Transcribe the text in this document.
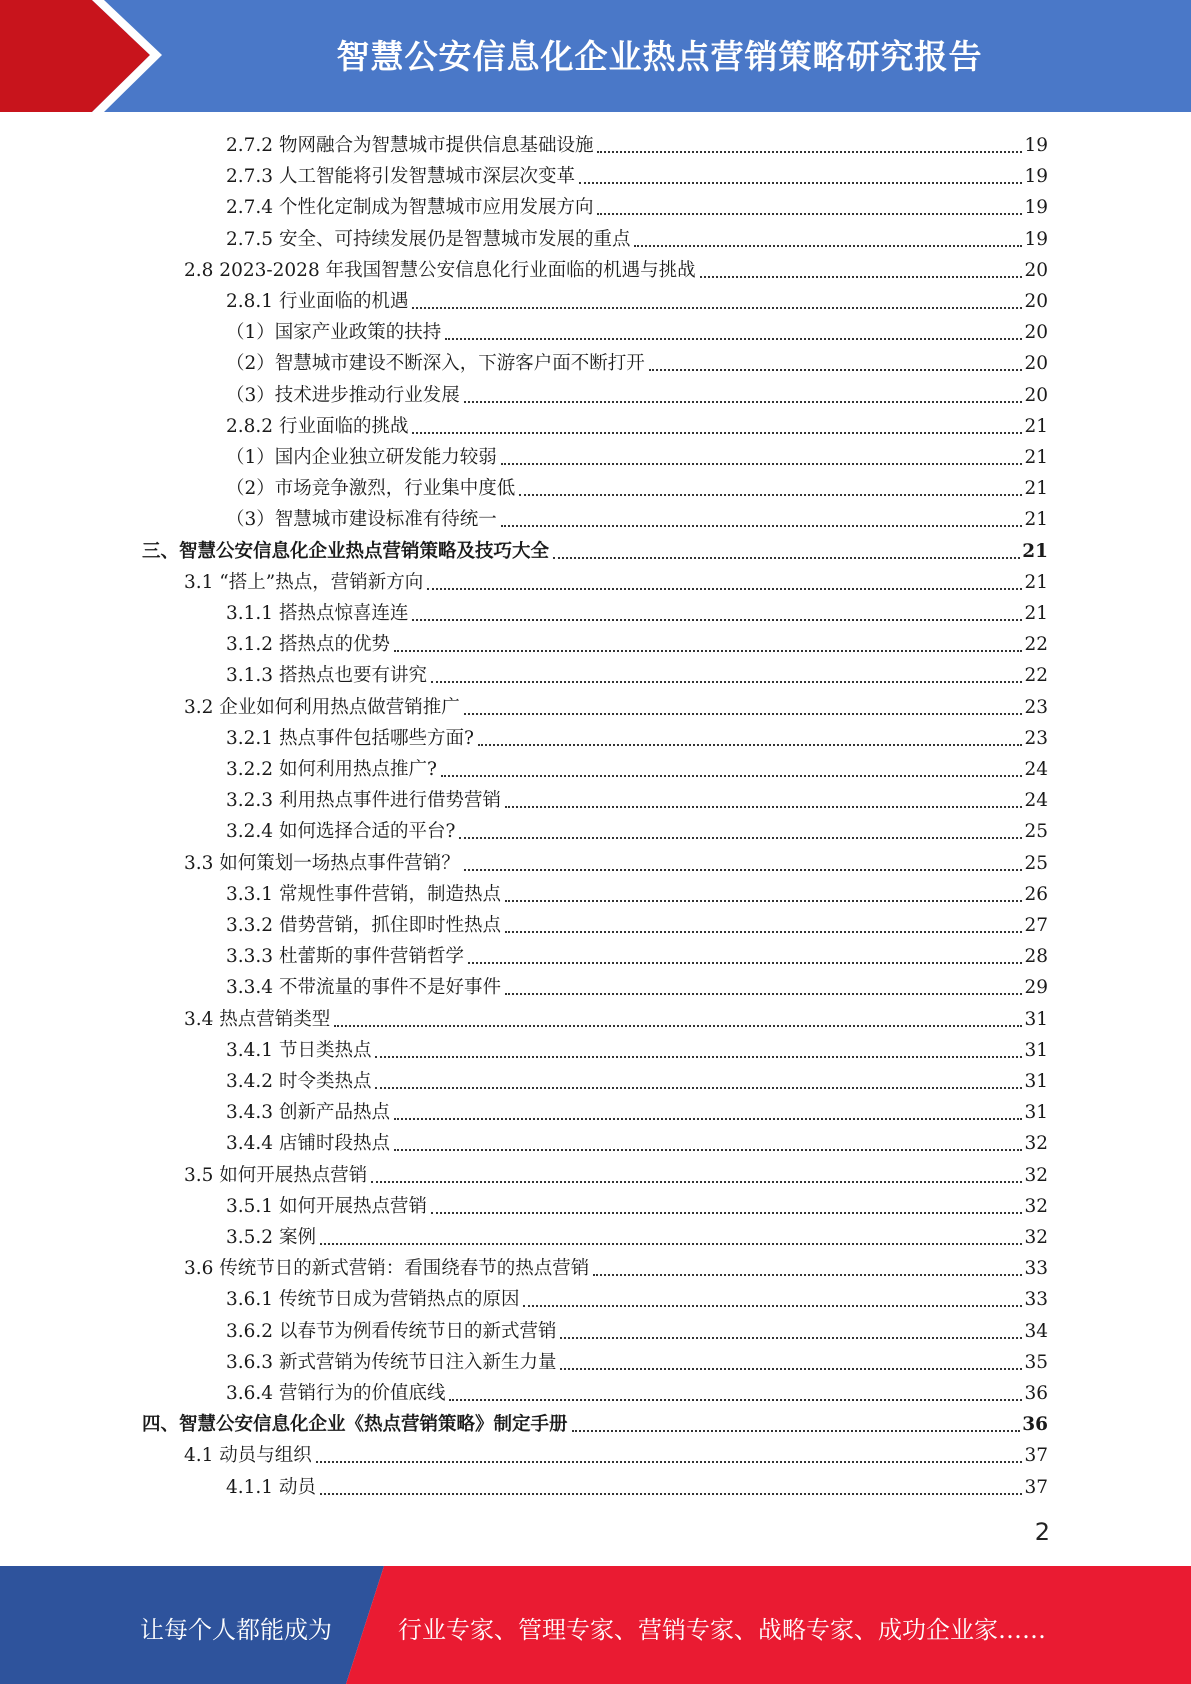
智慧公安信息化企业热点营销策略研究报告
2.7.2 物网融合为智慧城市提供信息基础设施	19
2.7.3 人工智能将引发智慧城市深层次变革	19
2.7.4 个性化定制成为智慧城市应用发展方向	19
2.7.5 安全、可持续发展仍是智慧城市发展的重点	19
2.8 2023-2028 年我国智慧公安信息化行业面临的机遇与挑战	20
2.8.1 行业面临的机遇	20
（1）国家产业政策的扶持	20
（2）智慧城市建设不断深入，下游客户面不断打开	20
（3）技术进步推动行业发展	20
2.8.2 行业面临的挑战	21
（1）国内企业独立研发能力较弱	21
（2）市场竞争激烈，行业集中度低	21
（3）智慧城市建设标准有待统一	21
三、智慧公安信息化企业热点营销策略及技巧大全	21
3.1 “搭上”热点，营销新方向	21
3.1.1 搭热点惊喜连连	21
3.1.2 搭热点的优势	22
3.1.3 搭热点也要有讲究	22
3.2 企业如何利用热点做营销推广	23
3.2.1 热点事件包括哪些方面?	23
3.2.2 如何利用热点推广?	24
3.2.3 利用热点事件进行借势营销	24
3.2.4 如何选择合适的平台?	25
3.3 如何策划一场热点事件营销？	25
3.3.1 常规性事件营销，制造热点	26
3.3.2 借势营销，抓住即时性热点	27
3.3.3 杜蕾斯的事件营销哲学	28
3.3.4 不带流量的事件不是好事件	29
3.4 热点营销类型	31
3.4.1 节日类热点	31
3.4.2 时令类热点	31
3.4.3 创新产品热点	31
3.4.4 店铺时段热点	32
3.5 如何开展热点营销	32
3.5.1 如何开展热点营销	32
3.5.2 案例	32
3.6 传统节日的新式营销：看围绕春节的热点营销	33
3.6.1 传统节日成为营销热点的原因	33
3.6.2 以春节为例看传统节日的新式营销	34
3.6.3 新式营销为传统节日注入新生力量	35
3.6.4 营销行为的价值底线	36
四、智慧公安信息化企业《热点营销策略》制定手册	36
4.1 动员与组织	37
4.1.1 动员	37
2
让每个人都能成为	行业专家、管理专家、营销专家、战略专家、成功企业家……
